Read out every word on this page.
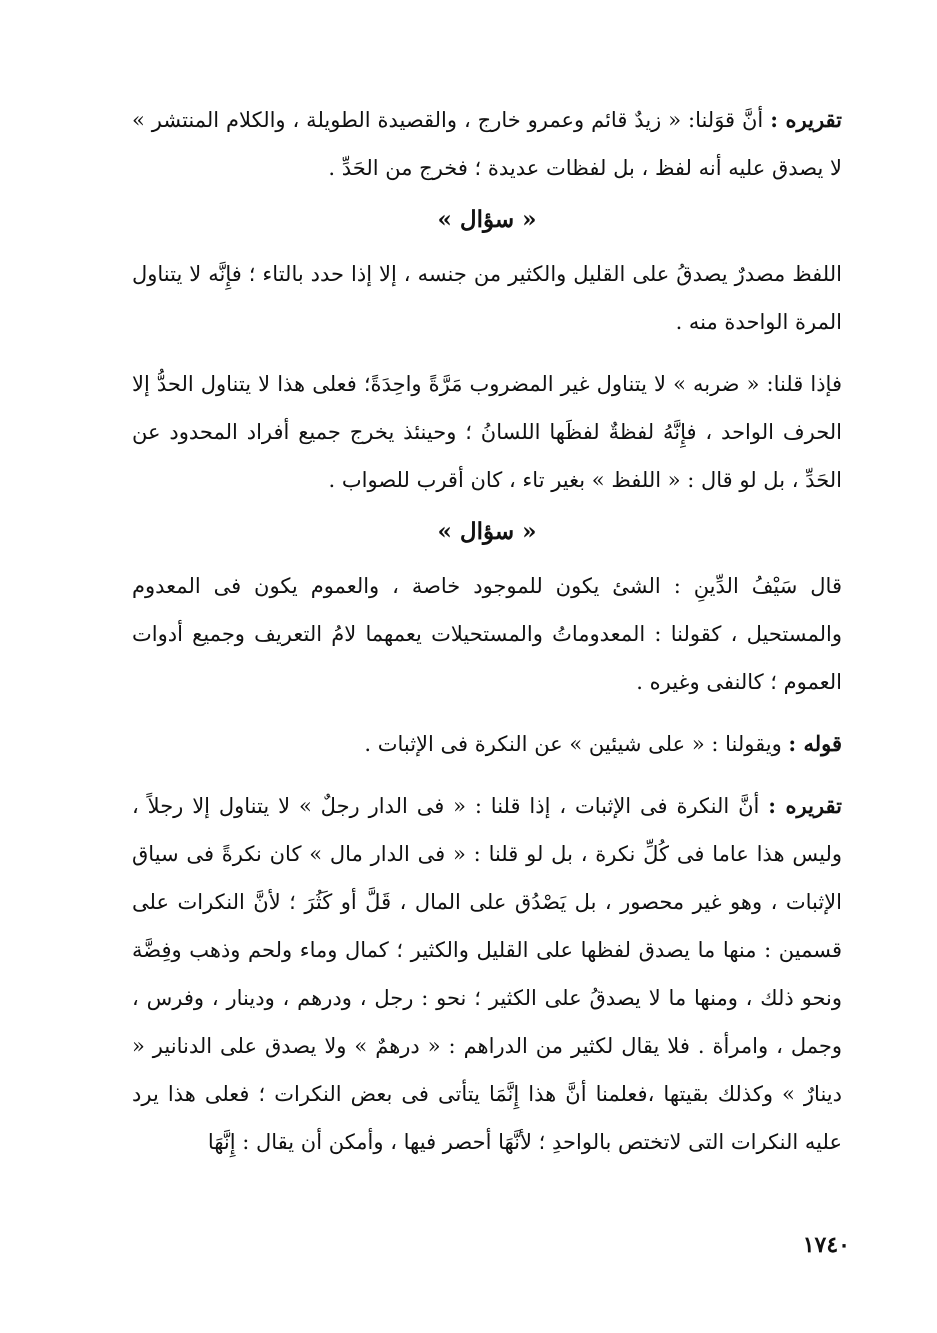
تقريره : أنَّ قوَلنا: « زيدٌ قائم وعمرو خارج ، والقصيدة الطويلة ، والكلام المنتشر » لا يصدق عليه أنه لفظ ، بل لفظات عديدة ؛ فخرج من الحَدِّ .

« سؤال »

اللفظ مصدرٌ يصدقُ على القليل والكثير من جنسه ، إلا إذا حدد بالتاء ؛ فإِنَّه لا يتناول المرة الواحدة منه .

فإذا قلنا: « ضربه » لا يتناول غير المضروب مَرَّةً واحِدَةً؛ فعلى هذا لا يتناول الحدُّ إلا الحرف الواحد ، فإِنَّهُ لفظةٌ لفظَها اللسانُ ؛ وحينئذ يخرج جميع أفراد المحدود عن الحَدِّ ، بل لو قال : « اللفظ » بغير تاء ، كان أقرب للصواب .

« سؤال »

قال سَيْفُ الدِّينِ : الشئ يكون للموجود خاصة ، والعموم يكون فى المعدوم والمستحيل ، كقولنا : المعدوماتُ والمستحيلات يعمهما لامُ التعريف وجميع أدوات العموم ؛ كالنفى وغيره .

قوله : ويقولنا : « على شيئين » عن النكرة فى الإثبات .

تقريره : أنَّ النكرة فى الإثبات ، إذا قلنا : « فى الدار رجلٌ » لا يتناول إلا رجلاً ، وليس هذا عاما فى كُلِّ نكرة ، بل لو قلنا : « فى الدار مال » كان نكرةً فى سياق الإثبات ، وهو غير محصور ، بل يَصْدُق على المال ، قَلَّ أو كَثُرَ ؛ لأنَّ النكرات على قسمين : منها ما يصدق لفظها على القليل والكثير ؛ كمال وماء ولحم وذهب وفِضَّة ونحو ذلك ، ومنها ما لا يصدقُ على الكثير ؛ نحو : رجل ، ودرهم ، ودينار ، وفرس ، وجمل ، وامرأة . فلا يقال لكثير من الدراهم : « درهمٌ » ولا يصدق على الدنانير « دينارٌ » وكذلك بقيتها ،فعلمنا أنَّ هذا إِنَّمَا يتأتى فى بعض النكرات ؛ فعلى هذا يرد عليه النكرات التى لاتختص بالواحدِ ؛ لأنَّهَا أحصر فيها ، وأمكن أن يقال : إِنَّهَا

١٧٤٠
